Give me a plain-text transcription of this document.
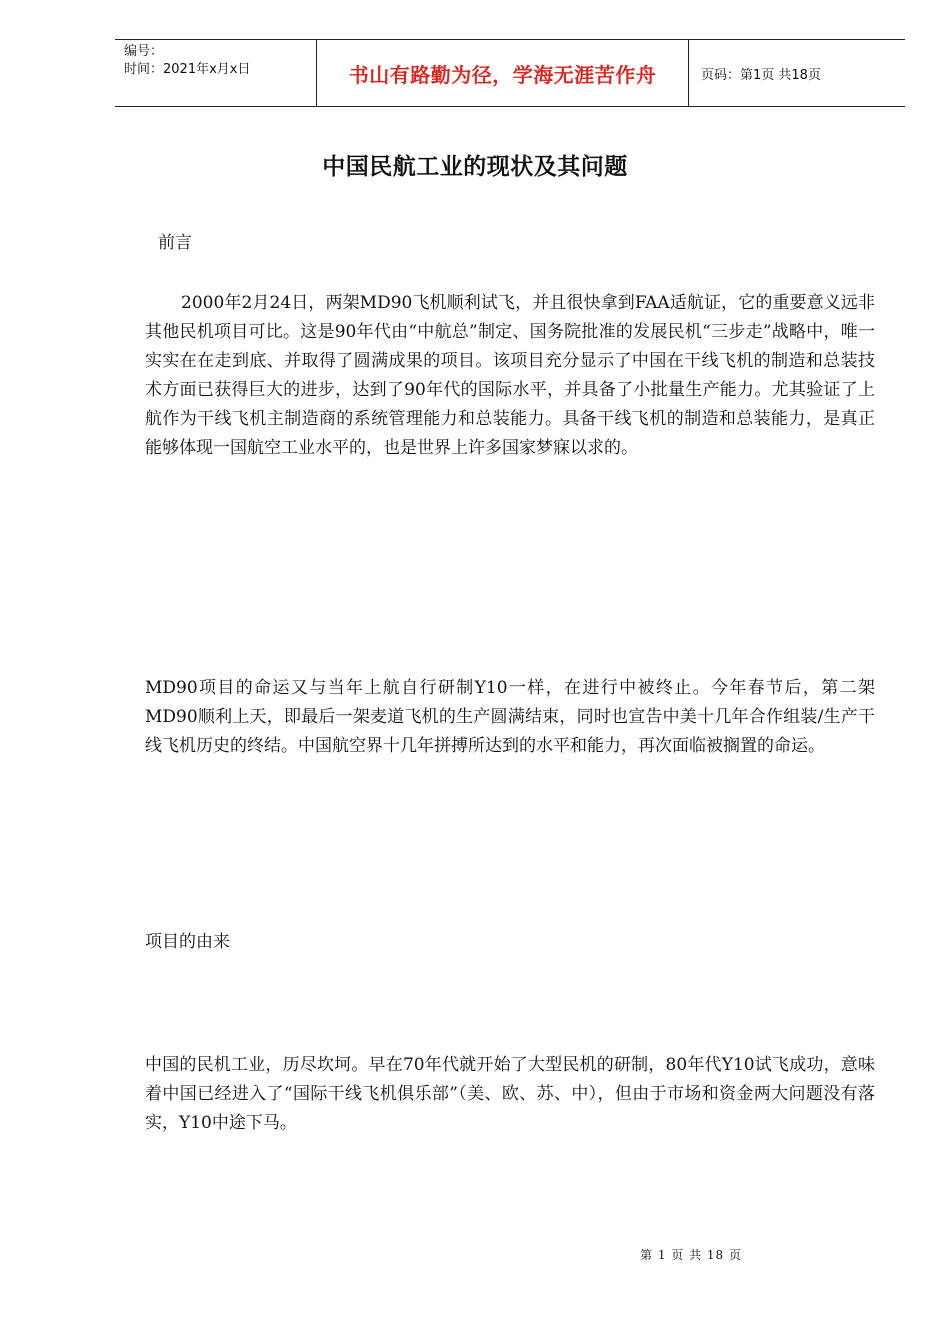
编号：
时间：2021年x月x日	书山有路勤为径，学海无涯苦作舟	页码：第1页 共18页
中国民航工业的现状及其问题

前言

2000年2月24日，两架MD90飞机顺利试飞，并且很快拿到FAA适航证，它的重要意义远非其他民机项目可比。这是90年代由“中航总”制定、国务院批准的发展民机“三步走”战略中，唯一实实在在走到底、并取得了圆满成果的项目。该项目充分显示了中国在干线飞机的制造和总装技术方面已获得巨大的进步，达到了90年代的国际水平，并具备了小批量生产能力。尤其验证了上航作为干线飞机主制造商的系统管理能力和总装能力。具备干线飞机的制造和总装能力，是真正能够体现一国航空工业水平的，也是世界上许多国家梦寐以求的。

MD90项目的命运又与当年上航自行研制Y10一样，在进行中被终止。今年春节后，第二架MD90顺利上天，即最后一架麦道飞机的生产圆满结束，同时也宣告中美十几年合作组装/生产干线飞机历史的终结。中国航空界十几年拼搏所达到的水平和能力，再次面临被搁置的命运。

项目的由来

中国的民机工业，历尽坎坷。早在70年代就开始了大型民机的研制，80年代Y10试飞成功，意味着中国已经进入了“国际干线飞机俱乐部”（美、欧、苏、中），但由于市场和资金两大问题没有落实，Y10中途下马。

第 1 页 共 18 页
